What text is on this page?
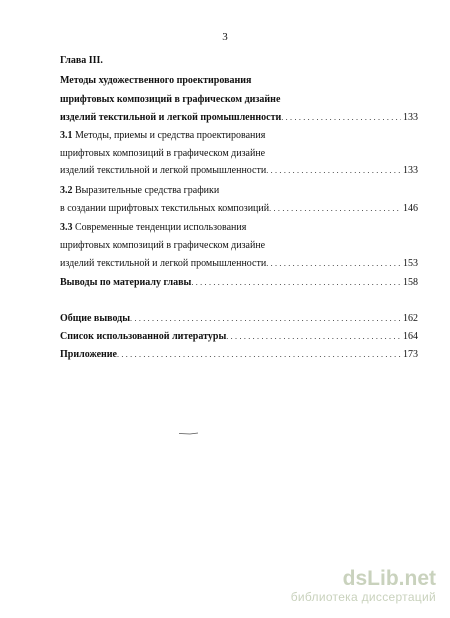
3
Глава III.
Методы художественного проектирования
шрифтовых композиций в графическом дизайне
изделий текстильной и легкой промышленности . . .	133
3.1 Методы, приемы и средства проектирования
шрифтовых композиций в графическом дизайне
изделий текстильной и легкой промышленности . . .	133
3.2 Выразительные средства графики
в создании шрифтовых текстильных композиций . . .	146
3.3 Современные тенденции использования
шрифтовых композиций в графическом дизайне
изделий текстильной и легкой промышленности . . .	153
Выводы по материалу главы . . .	158
Общие выводы . . .	162
Список использованной литературы . . .	164
Приложение . . .	173
dsLib.net
библиотека диссертаций
